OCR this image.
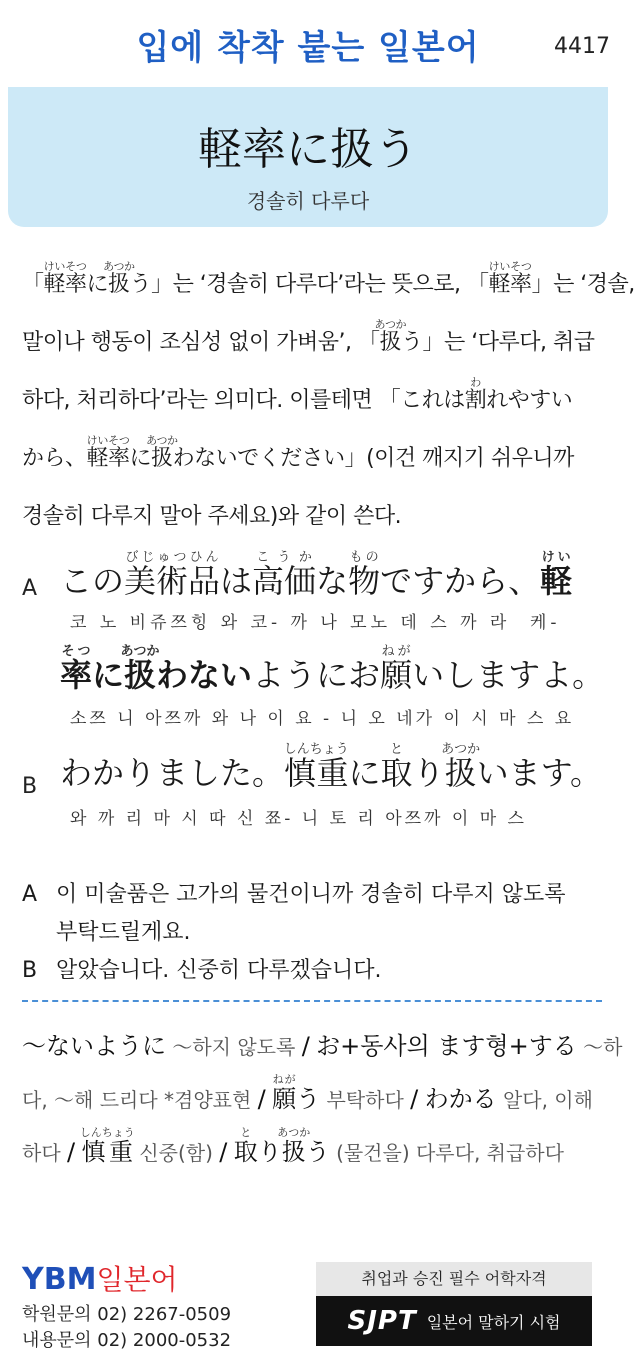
입에 착착 붙는 일본어	4417
軽率に扱う
경솔히 다루다
「軽率けいそつに扱あつかう」는 ‘경솔히 다루다’라는 뜻으로, 「軽率けいそつ」는 ‘경솔,
말이나 행동이 조심성 없이 가벼움’, 「扱あつかう」는 ‘다루다, 취급
하다, 처리하다’라는 의미다. 이를테면 「これは割われやすい
から、軽率けいそつに扱あつかわないでください」(이건 깨지기 쉬우니까
경솔히 다루지 말아 주세요)와 같이 쓴다.
A この美術品びじゅつひんは高価こうかな物ものですから、軽けい
코 노 비쥬쯔힝 와 코- 까 나 모노 데 스 까 라 케-
率そつに扱あつかわないようにお願ねがいしますよ。
소쯔 니 아쯔까 와 나 이 요 - 니 오 네가 이 시 마 스 요
B わかりました。慎重しんちょうに取とり扱あつかいます。
와 까 리 마 시 따 신 쬬- 니 토 리 아쯔까 이 마 스
A 이 미술품은 고가의 물건이니까 경솔히 다루지 않도록
부탁드릴게요.
B 알았습니다. 신중히 다루겠습니다.
～ないように ～하지 않도록 / お+동사의 ます형+する ～하
다, ～해 드리다 *겸양표현 / 願ねがう 부탁하다 / わかる 알다, 이해
하다 / 慎重しんちょう 신중(함) / 取とり扱あつかう (물건을) 다루다, 취급하다
YBM일본어
학원문의 02) 2267-0509
내용문의 02) 2000-0532
취업과 승진 필수 어학자격
SJPT 일본어 말하기 시험
